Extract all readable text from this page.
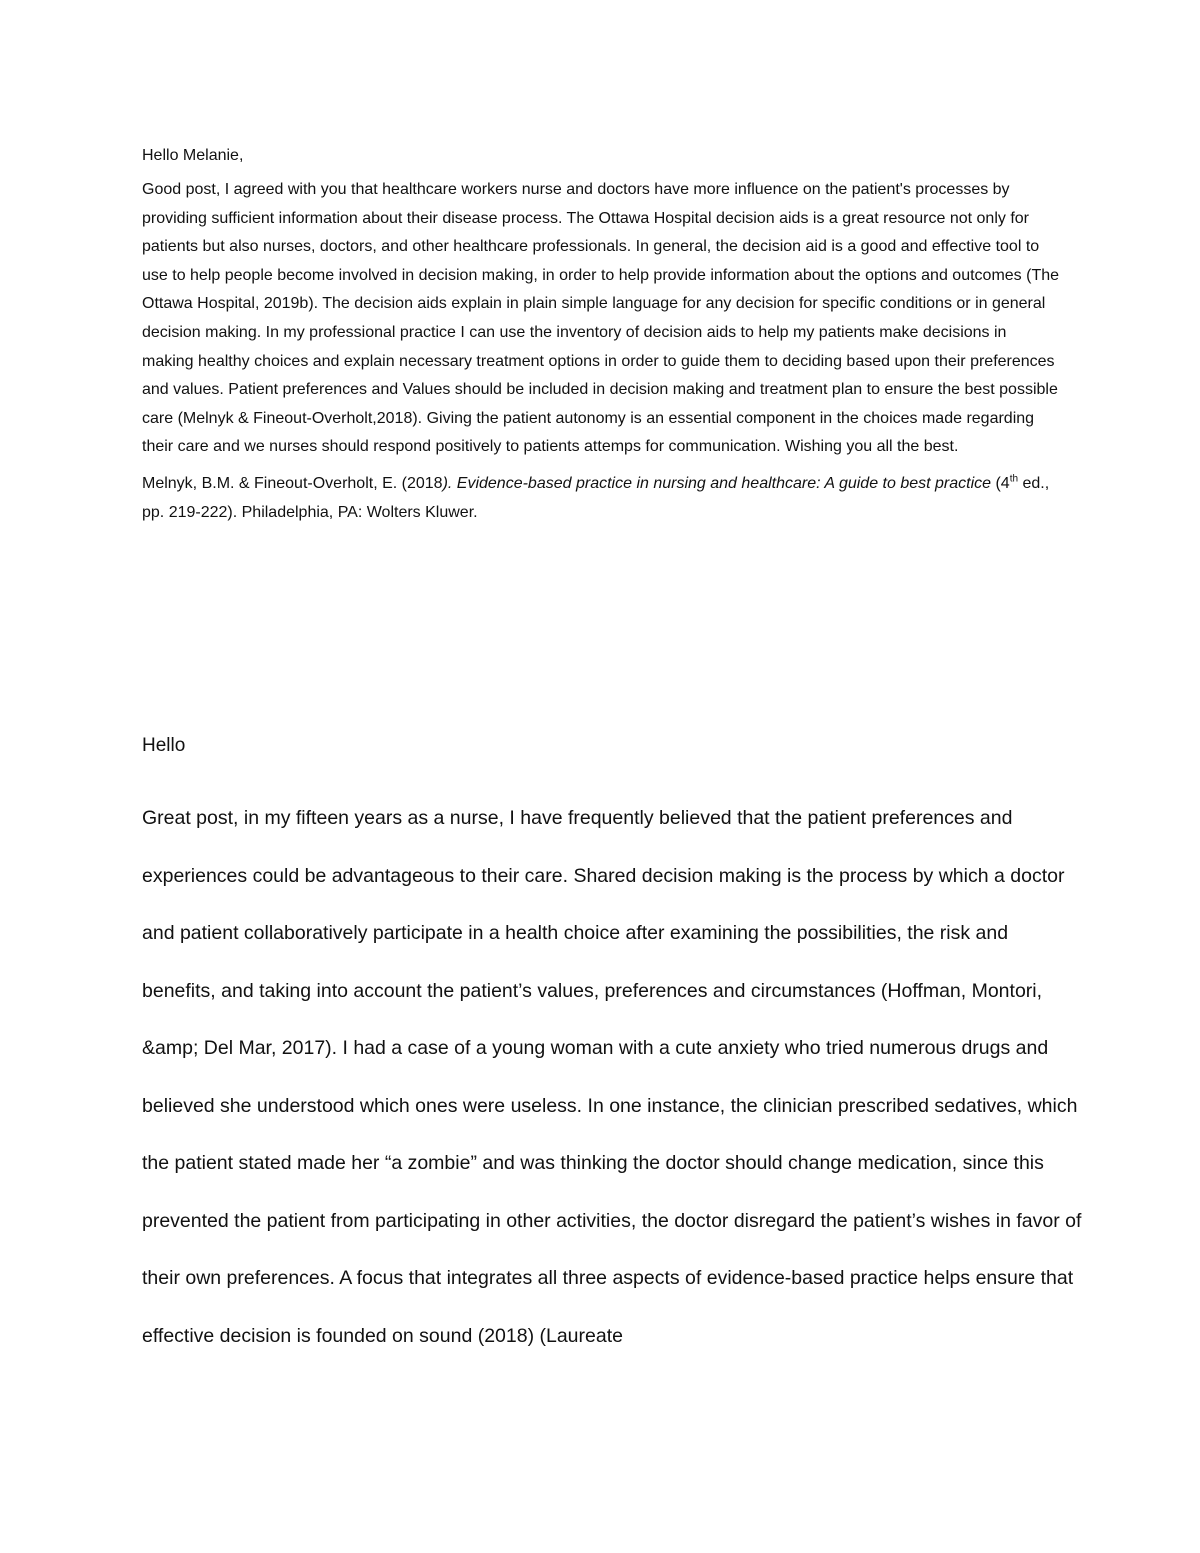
Hello Melanie,

Good post, I agreed with you that healthcare workers nurse and doctors have more influence on the patient's processes by providing sufficient information about their disease process. The Ottawa Hospital decision aids is a great resource not only for patients but also nurses, doctors, and other healthcare professionals. In general, the decision aid is a good and effective tool to use to help people become involved in decision making, in order to help provide information about the options and outcomes (The Ottawa Hospital, 2019b). The decision aids explain in plain simple language for any decision for specific conditions or in general decision making. In my professional practice I can use the inventory of decision aids to help my patients make decisions in making healthy choices and explain necessary treatment options in order to guide them to deciding based upon their preferences and values. Patient preferences and Values should be included in decision making and treatment plan to ensure the best possible care (Melnyk & Fineout-Overholt,2018). Giving the patient autonomy is an essential component in the choices made regarding their care and we nurses should respond positively to patients attemps for communication. Wishing you all the best.

Melnyk, B.M. & Fineout-Overholt, E. (2018). Evidence-based practice in nursing and healthcare: A guide to best practice (4th ed., pp. 219-222). Philadelphia, PA: Wolters Kluwer.

Hello

Great post, in my fifteen years as a nurse, I have frequently believed that the patient preferences and experiences could be advantageous to their care. Shared decision making is the process by which a doctor and patient collaboratively participate in a health choice after examining the possibilities, the risk and benefits, and taking into account the patient’s values, preferences and circumstances (Hoffman, Montori, &amp; Del Mar, 2017). I had a case of a young woman with a cute anxiety who tried numerous drugs and believed she understood which ones were useless. In one instance, the clinician prescribed sedatives, which the patient stated made her “a zombie” and was thinking the doctor should change medication, since this prevented the patient from participating in other activities, the doctor disregard the patient’s wishes in favor of their own preferences. A focus that integrates all three aspects of evidence-based practice helps ensure that effective decision is founded on sound (2018) (Laureate
